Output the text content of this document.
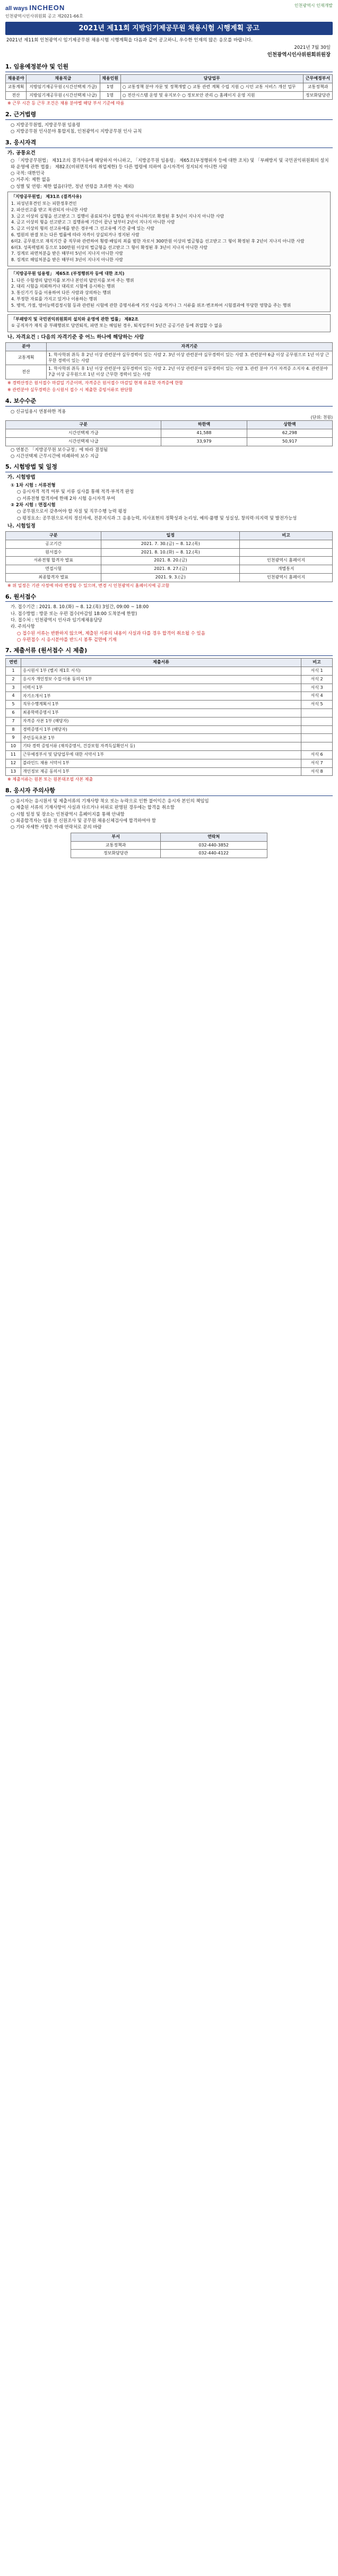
all ways INCHEON
인천광역시인사위원회 공고 제2021-66호
인천광역시 인재개발
2021년 제11회 지방임기제공무원 채용시험 시행계획 공고
2021년 제11회 인천광역시 임기제공무원 채용시험 시행계획을 다음과 같이 공고하니, 우수한 인재의 많은 응모를 바랍니다.
2021년 7월 30일
인천광역시인사위원회위원장
1. 임용예정분야 및 인원
채용분야	채용직급	채용인원	담당업무	근무예정부서
교통계획	지방임기제공무원 (시간선택제 가급)	1명	○ 교통정책 분야 자문 및 정책개발 ○ 교통 관련 계획 수립 지원 ○ 시민 교통 서비스 개선 업무	교통정책과
전산	지방임기제공무원 (시간선택제 나급)	1명	○ 전산시스템 운영 및 유지보수 ○ 정보보안 관리 ○ 홈페이지 운영 지원	정보화담당관
※ 근무 시간 등 근무 조건은 채용 분야별 해당 부서 기준에 따름
2. 근거법령
○ 지방공무원법, 지방공무원 임용령
○ 지방공무원 인사분야 통합지침, 인천광역시 지방공무원 인사 규칙
3. 응시자격
가. 공통요건
○ 「지방공무원법」 제31조의 결격사유에 해당하지 아니하고, 「지방공무원 임용령」 제65조(부정행위자 등에 대한 조치) 및 「부패방지 및 국민권익위원회의 설치와 운영에 관한 법률」 제82조(비위면직자의 취업제한) 등 다른 법령에 의하여 응시자격이 정지되지 아니한 사람
○ 국적: 대한민국
○ 거주지: 제한 없음
○ 성별 및 연령: 제한 없음(다만, 정년 연령을 초과한 자는 제외)
「지방공무원법」 제31조 (결격사유)
1. 피성년후견인 또는 피한정후견인
2. 파산선고를 받고 복권되지 아니한 사람
3. 금고 이상의 실형을 선고받고 그 집행이 종료되거나 집행을 받지 아니하기로 확정된 후 5년이 지나지 아니한 사람
4. 금고 이상의 형을 선고받고 그 집행유예 기간이 끝난 날부터 2년이 지나지 아니한 사람
5. 금고 이상의 형의 선고유예를 받은 경우에 그 선고유예 기간 중에 있는 사람
6. 법원의 판결 또는 다른 법률에 따라 자격이 상실되거나 정지된 사람
6의2. 공무원으로 재직기간 중 직무와 관련하여 횡령·배임의 죄를 범한 자로서 300만원 이상의 벌금형을 선고받고 그 형이 확정된 후 2년이 지나지 아니한 사람
6의3. 성폭력범죄 등으로 100만원 이상의 벌금형을 선고받고 그 형이 확정된 후 3년이 지나지 아니한 사람
7. 징계로 파면처분을 받은 때부터 5년이 지나지 아니한 사람
8. 징계로 해임처분을 받은 때부터 3년이 지나지 아니한 사람
「지방공무원 임용령」 제65조 (부정행위자 등에 대한 조치)
1. 다른 수험생의 답안지를 보거나 본인의 답안지를 보여 주는 행위
2. 대리 시험을 의뢰하거나 대리로 시험에 응시하는 행위
3. 통신기기 등을 이용하여 다른 사람과 상의하는 행위
4. 부정한 자료를 가지고 있거나 이용하는 행위
5. 병역, 가점, 영어능력검정시험 등과 관련된 시험에 관한 증명서류에 거짓 사실을 적거나 그 서류를 위조·변조하여 시험결과에 부당한 영향을 주는 행위
「부패방지 및 국민권익위원회의 설치와 운영에 관한 법률」 제82조
① 공직자가 재직 중 부패행위로 당연퇴직, 파면 또는 해임된 경우, 퇴직일부터 5년간 공공기관 등에 취업할 수 없음
나. 자격요건 : 다음의 자격기준 중 어느 하나에 해당하는 사람
분야	자격기준
교통계획	1. 학사학위 취득 후 2년 이상 관련분야 실무경력이 있는 사람 2. 3년 이상 관련분야 실무경력이 있는 사람 3. 관련분야 6급 이상 공무원으로 1년 이상 근무한 경력이 있는 사람
전산	1. 학사학위 취득 후 1년 이상 관련분야 실무경력이 있는 사람 2. 2년 이상 관련분야 실무경력이 있는 사람 3. 관련 분야 기사 자격증 소지자 4. 관련분야 7급 이상 공무원으로 1년 이상 근무한 경력이 있는 사람
※ 경력산정은 원서접수 마감일 기준이며, 자격증은 원서접수 마감일 현재 유효한 자격증에 한함
※ 관련분야 실무경력은 응시원서 접수 시 제출한 증빙서류로 판단함
4. 보수수준
○ 신규임용시 연봉하한 적용
(단위: 천원)
구분	하한액	상한액
시간선택제 가급	41,588	62,298
시간선택제 나급	33,979	50,917
○ 연봉은 「지방공무원 보수규정」에 따라 결정됨
○ 시간선택제 근무시간에 비례하여 보수 지급
5. 시험방법 및 일정
가. 시험방법
① 1차 시험 : 서류전형
○ 응시자격 적격 여부 및 서류 심사를 통해 적격·부적격 판정
○ 서류전형 합격자에 한해 2차 시험 응시자격 부여
② 2차 시험 : 면접시험
○ 공무원으로서 갖추어야 할 자질 및 직무수행 능력 평정
○ 평정요소: 공무원으로서의 정신자세, 전문지식과 그 응용능력, 의사표현의 정확성과 논리성, 예의·품행 및 성실성, 창의력·의지력 및 발전가능성
나. 시험일정
구분	일정	비고
공고기간	2021. 7. 30.(금) ~ 8. 12.(목)	
원서접수	2021. 8. 10.(화) ~ 8. 12.(목)	
서류전형 합격자 발표	2021. 8. 20.(금)	인천광역시 홈페이지
면접시험	2021. 8. 27.(금)	개별통지
최종합격자 발표	2021. 9. 3.(금)	인천광역시 홈페이지
※ 위 일정은 기관 사정에 따라 변경될 수 있으며, 변경 시 인천광역시 홈페이지에 공고함
6. 원서접수
가. 접수기간 : 2021. 8. 10.(화) ~ 8. 12.(목) 3일간, 09:00 ~ 18:00
나. 접수방법 : 방문 또는 우편 접수(마감일 18:00 도착분에 한함)
다. 접수처 : 인천광역시 인사과 임기제채용담당
라. 주의사항
○ 접수된 서류는 반환하지 않으며, 제출된 서류의 내용이 사실과 다를 경우 합격이 취소될 수 있음
○ 우편접수 시 응시분야를 반드시 봉투 겉면에 기재
7. 제출서류 (원서접수 시 제출)
연번	제출서류	비고
1	응시원서 1부 (별지 제1호 서식)	서식 1
2	응시자 개인정보 수집·이용 동의서 1부	서식 2
3	이력서 1부	서식 3
4	자기소개서 1부	서식 4
5	직무수행계획서 1부	서식 5
6	최종학력증명서 1부	
7	자격증 사본 1부 (해당자)	
8	경력증명서 1부 (해당자)	
9	주민등록초본 1부	
10	기타 경력 증빙서류 (재직증명서, 건강보험 자격득실확인서 등)	
11	근무예정부서 및 담당업무에 대한 서약서 1부	서식 6
12	블라인드 채용 서약서 1부	서식 7
13	개인정보 제공 동의서 1부	서식 8
※ 제출서류는 원본 또는 원본대조필 사본 제출
8. 응시자 주의사항
○ 응시자는 응시원서 및 제출서류의 기재사항 착오 또는 누락으로 인한 불이익은 응시자 본인의 책임임
○ 제출된 서류의 기재사항이 사실과 다르거나 허위로 판명된 경우에는 합격을 취소함
○ 시험 일정 및 장소는 인천광역시 홈페이지를 통해 안내함
○ 최종합격자는 임용 전 신원조사 및 공무원 채용신체검사에 합격하여야 함
○ 기타 자세한 사항은 아래 연락처로 문의 바람
부서	연락처
교통정책과	032-440-3852
정보화담당관	032-440-4122
